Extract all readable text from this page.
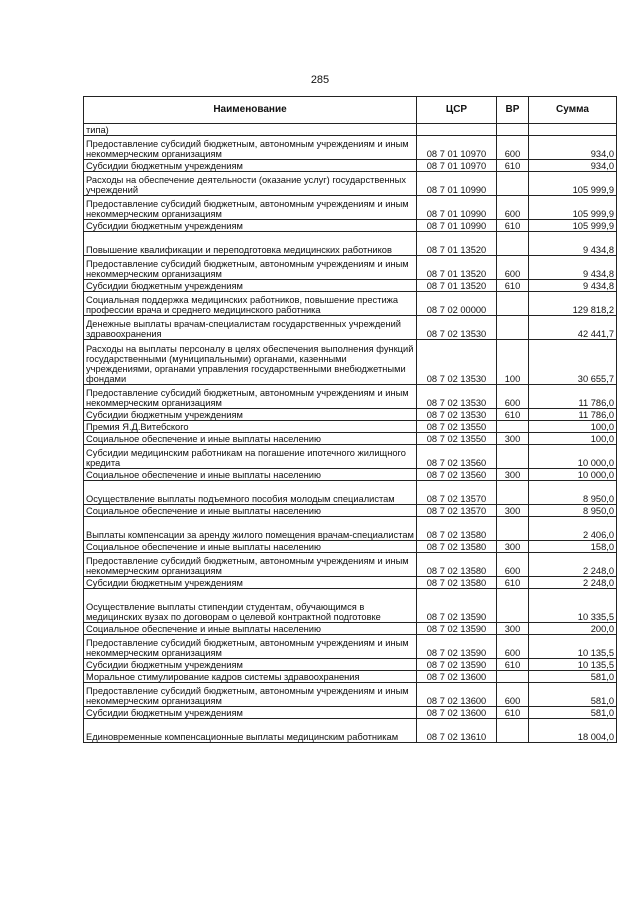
285
Наименование	ЦСР	ВР	Сумма
типа)			
Предоставление субсидий бюджетным, автономным учреждениям и иным некоммерческим организациям	08 7 01 10970	600	934,0
Субсидии бюджетным учреждениям	08 7 01 10970	610	934,0
Расходы на обеспечение деятельности (оказание услуг) государственных учреждений	08 7 01 10990		105 999,9
Предоставление субсидий бюджетным, автономным учреждениям и иным некоммерческим организациям	08 7 01 10990	600	105 999,9
Субсидии бюджетным учреждениям	08 7 01 10990	610	105 999,9
Повышение квалификации и переподготовка медицинских работников	08 7 01 13520		9 434,8
Предоставление субсидий бюджетным, автономным учреждениям и иным некоммерческим организациям	08 7 01 13520	600	9 434,8
Субсидии бюджетным учреждениям	08 7 01 13520	610	9 434,8
Социальная поддержка медицинских работников, повышение престижа профессии врача и среднего медицинского работника	08 7 02 00000		129 818,2
Денежные выплаты врачам-специалистам государственных учреждений здравоохранения	08 7 02 13530		42 441,7
Расходы на выплаты персоналу в целях обеспечения выполнения функций государственными (муниципальными) органами, казенными учреждениями, органами управления государственными внебюджетными фондами	08 7 02 13530	100	30 655,7
Предоставление субсидий бюджетным, автономным учреждениям и иным некоммерческим организациям	08 7 02 13530	600	11 786,0
Субсидии бюджетным учреждениям	08 7 02 13530	610	11 786,0
Премия Я.Д.Витебского	08 7 02 13550		100,0
Социальное обеспечение и иные выплаты населению	08 7 02 13550	300	100,0
Субсидии медицинским работникам на погашение ипотечного жилищного кредита	08 7 02 13560		10 000,0
Социальное обеспечение и иные выплаты населению	08 7 02 13560	300	10 000,0
Осуществление выплаты подъемного пособия молодым специалистам	08 7 02 13570		8 950,0
Социальное обеспечение и иные выплаты населению	08 7 02 13570	300	8 950,0
Выплаты компенсации за аренду жилого помещения врачам-специалистам	08 7 02 13580		2 406,0
Социальное обеспечение и иные выплаты населению	08 7 02 13580	300	158,0
Предоставление субсидий бюджетным, автономным учреждениям и иным некоммерческим организациям	08 7 02 13580	600	2 248,0
Субсидии бюджетным учреждениям	08 7 02 13580	610	2 248,0
Осуществление выплаты стипендии студентам, обучающимся в медицинских вузах по договорам о целевой контрактной подготовке	08 7 02 13590		10 335,5
Социальное обеспечение и иные выплаты населению	08 7 02 13590	300	200,0
Предоставление субсидий бюджетным, автономным учреждениям и иным некоммерческим организациям	08 7 02 13590	600	10 135,5
Субсидии бюджетным учреждениям	08 7 02 13590	610	10 135,5
Моральное стимулирование кадров системы здравоохранения	08 7 02 13600		581,0
Предоставление субсидий бюджетным, автономным учреждениям и иным некоммерческим организациям	08 7 02 13600	600	581,0
Субсидии бюджетным учреждениям	08 7 02 13600	610	581,0
Единовременные компенсационные выплаты медицинским работникам	08 7 02 13610		18 004,0
